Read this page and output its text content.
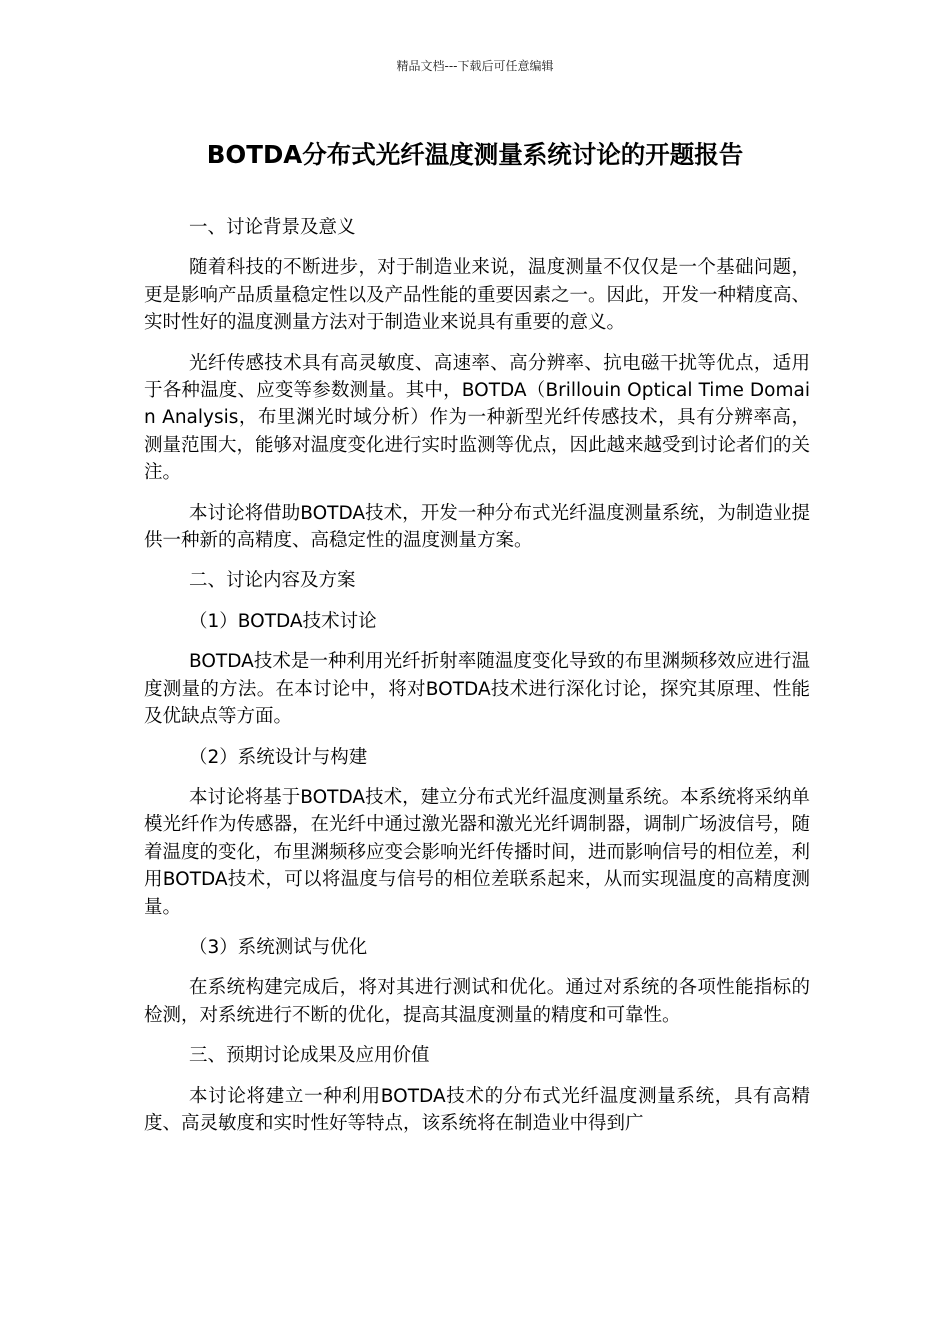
精品文档---下载后可任意编辑
BOTDA分布式光纤温度测量系统讨论的开题报告

一、讨论背景及意义

随着科技的不断进步，对于制造业来说，温度测量不仅仅是一个基础问题，更是影响产品质量稳定性以及产品性能的重要因素之一。因此，开发一种精度高、实时性好的温度测量方法对于制造业来说具有重要的意义。

光纤传感技术具有高灵敏度、高速率、高分辨率、抗电磁干扰等优点，适用于各种温度、应变等参数测量。其中，BOTDA（Brillouin Optical Time Domain Analysis，布里渊光时域分析）作为一种新型光纤传感技术，具有分辨率高，测量范围大，能够对温度变化进行实时监测等优点，因此越来越受到讨论者们的关注。

本讨论将借助BOTDA技术，开发一种分布式光纤温度测量系统，为制造业提供一种新的高精度、高稳定性的温度测量方案。

二、讨论内容及方案

（1）BOTDA技术讨论

BOTDA技术是一种利用光纤折射率随温度变化导致的布里渊频移效应进行温度测量的方法。在本讨论中，将对BOTDA技术进行深化讨论，探究其原理、性能及优缺点等方面。

（2）系统设计与构建

本讨论将基于BOTDA技术，建立分布式光纤温度测量系统。本系统将采纳单模光纤作为传感器，在光纤中通过激光器和激光光纤调制器，调制广场波信号，随着温度的变化，布里渊频移应变会影响光纤传播时间，进而影响信号的相位差，利用BOTDA技术，可以将温度与信号的相位差联系起来，从而实现温度的高精度测量。

（3）系统测试与优化

在系统构建完成后，将对其进行测试和优化。通过对系统的各项性能指标的检测，对系统进行不断的优化，提高其温度测量的精度和可靠性。

三、预期讨论成果及应用价值

本讨论将建立一种利用BOTDA技术的分布式光纤温度测量系统，具有高精度、高灵敏度和实时性好等特点，该系统将在制造业中得到广
